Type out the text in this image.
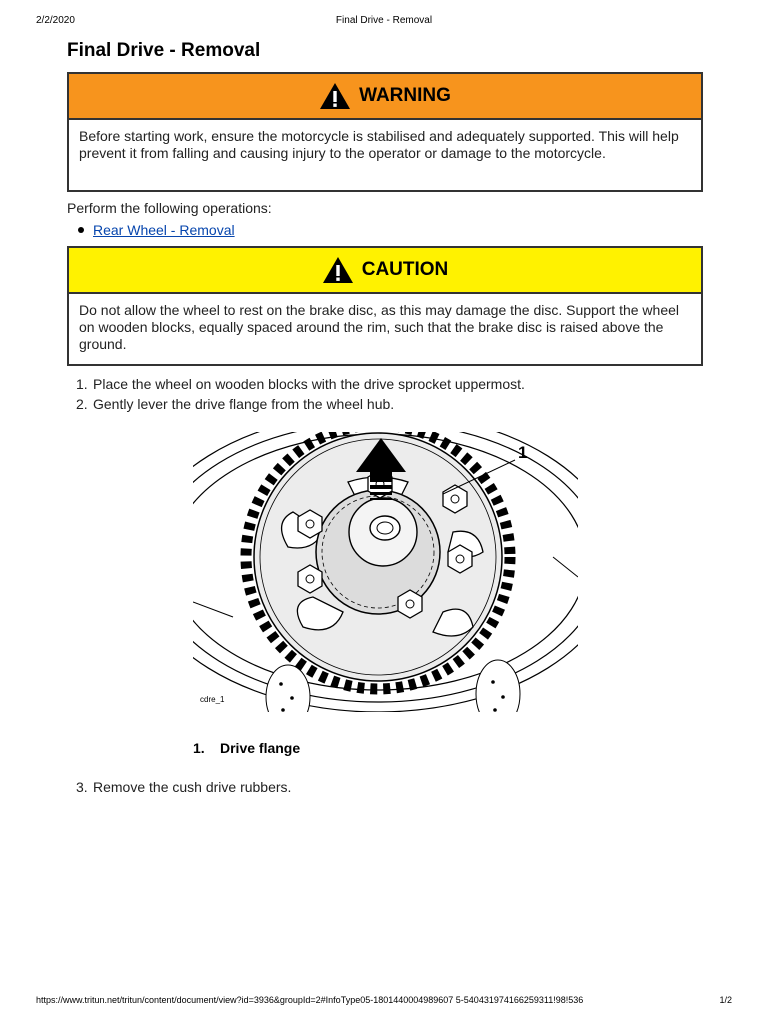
2/2/2020	Final Drive - Removal
Final Drive - Removal
WARNING
Before starting work, ensure the motorcycle is stabilised and adequately supported. This will help prevent it from falling and causing injury to the operator or damage to the motorcycle.
Perform the following operations:
Rear Wheel - Removal
CAUTION
Do not allow the wheel to rest on the brake disc, as this may damage the disc. Support the wheel on wooden blocks, equally spaced around the rim, such that the brake disc is raised above the ground.
1. Place the wheel on wooden blocks with the drive sprocket uppermost.
2. Gently lever the drive flange from the wheel hub.
1
cdre_1
1.	Drive flange
3. Remove the cush drive rubbers.
https://www.tritun.net/tritun/content/document/view?id=3936&groupId=2#InfoType05-1801440004989607 5-540431974166259311!98!536	1/2
